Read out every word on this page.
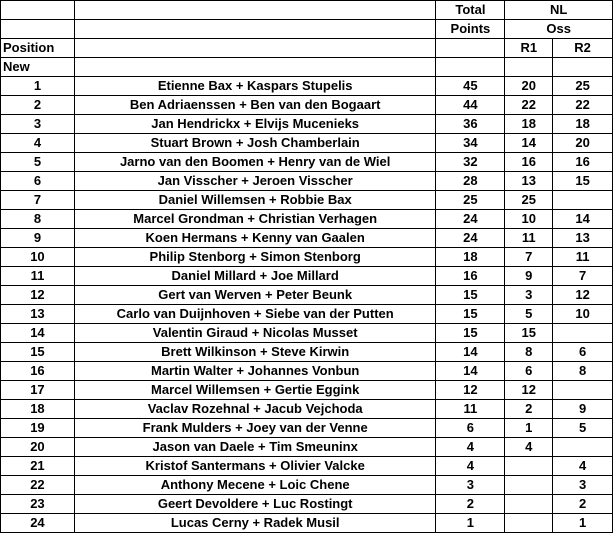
		Total	NL	
		Points	Oss	
Position			R1	R2
New				
1	Etienne Bax + Kaspars Stupelis	45	20	25
2	Ben Adriaenssen + Ben van den Bogaart	44	22	22
3	Jan Hendrickx + Elvijs Mucenieks	36	18	18
4	Stuart Brown + Josh Chamberlain	34	14	20
5	Jarno van den Boomen + Henry van de Wiel	32	16	16
6	Jan Visscher + Jeroen Visscher	28	13	15
7	Daniel Willemsen + Robbie Bax	25	25	
8	Marcel Grondman + Christian Verhagen	24	10	14
9	Koen Hermans + Kenny van Gaalen	24	11	13
10	Philip Stenborg + Simon Stenborg	18	7	11
11	Daniel Millard + Joe Millard	16	9	7
12	Gert van Werven + Peter Beunk	15	3	12
13	Carlo van Duijnhoven + Siebe van der Putten	15	5	10
14	Valentin Giraud + Nicolas Musset	15	15	
15	Brett Wilkinson + Steve Kirwin	14	8	6
16	Martin Walter + Johannes Vonbun	14	6	8
17	Marcel Willemsen + Gertie Eggink	12	12	
18	Vaclav Rozehnal + Jacub Vejchoda	11	2	9
19	Frank Mulders + Joey van der Venne	6	1	5
20	Jason van Daele + Tim Smeuninx	4	4	
21	Kristof Santermans + Olivier Valcke	4		4
22	Anthony Mecene + Loic Chene	3		3
23	Geert Devoldere + Luc Rostingt	2		2
24	Lucas Cerny + Radek Musil	1		1
